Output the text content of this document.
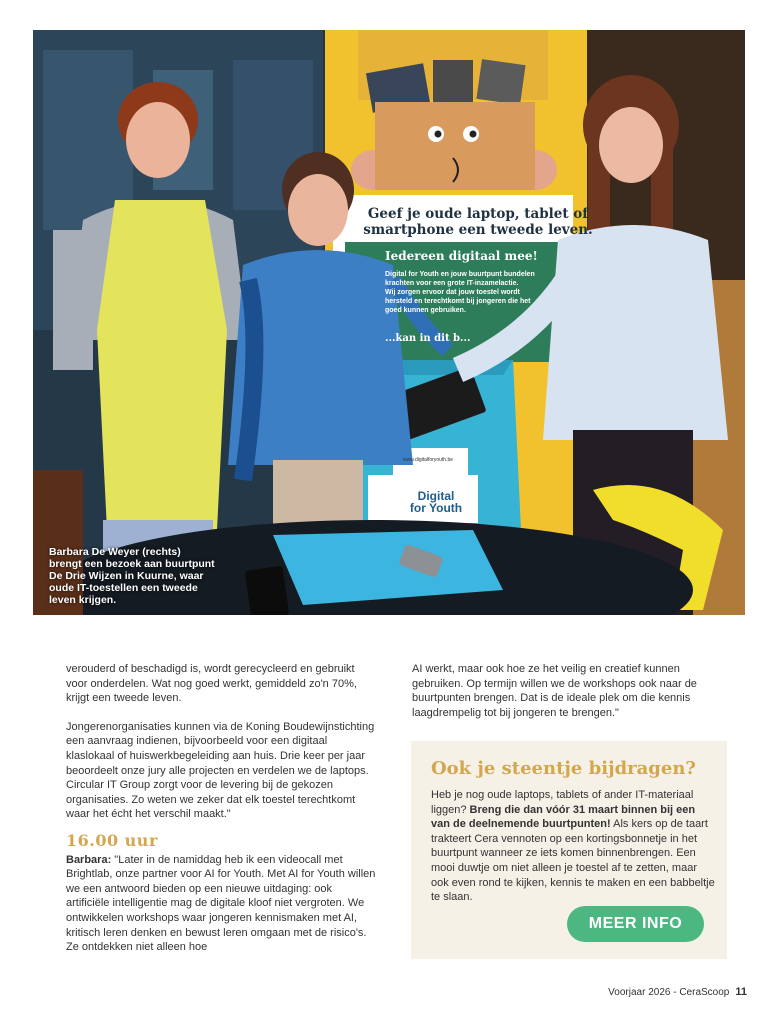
Geef je oude laptop, tablet of
smartphone een tweede leven.
Iedereen digitaal mee!
Digital for Youth en jouw buurtpunt bundelen
krachten voor een grote IT-inzamelactie.
Wij zorgen ervoor dat jouw toestel wordt
hersteld en terechtkomt bij jongeren die het
goed kunnen gebruiken.
...kan in dit b...
www.digitalforyouth.be
Digital
for Youth
Barbara De Weyer (rechts)
brengt een bezoek aan buurtpunt
De Drie Wijzen in Kuurne, waar
oude IT-toestellen een tweede
leven krijgen.

verouderd of beschadigd is, wordt gerecycleerd en gebruikt voor onderdelen. Wat nog goed werkt, gemiddeld zo'n 70%, krijgt een tweede leven.

Jongerenorganisaties kunnen via de Koning Boudewijnstichting een aanvraag indienen, bijvoorbeeld voor een digitaal klaslokaal of huiswerkbegeleiding aan huis. Drie keer per jaar beoordeelt onze jury alle projecten en verdelen we de laptops. Circular IT Group zorgt voor de levering bij de gekozen organisaties. Zo weten we zeker dat elk toestel terechtkomt waar het écht het verschil maakt."

16.00 uur

Barbara: "Later in de namiddag heb ik een videocall met Brightlab, onze partner voor AI for Youth. Met AI for Youth willen we een antwoord bieden op een nieuwe uitdaging: ook artificiële intelligentie mag de digitale kloof niet vergroten. We ontwikkelen workshops waar jongeren kennismaken met AI, kritisch leren denken en bewust leren omgaan met de risico's. Ze ontdekken niet alleen hoe

AI werkt, maar ook hoe ze het veilig en creatief kunnen gebruiken. Op termijn willen we de workshops ook naar de buurtpunten brengen. Dat is de ideale plek om die kennis laagdrempelig tot bij jongeren te brengen."

Ook je steentje bijdragen?
Heb je nog oude laptops, tablets of ander IT-materiaal liggen? Breng die dan vóór 31 maart binnen bij een van de deelnemende buurtpunten! Als kers op de taart trakteert Cera vennoten op een kortingsbonnetje in het buurtpunt wanneer ze iets komen binnenbrengen. Een mooi duwtje om niet alleen je toestel af te zetten, maar ook even rond te kijken, kennis te maken en een babbeltje te slaan.
MEER INFO
Voorjaar 2026 - CeraScoop 11
